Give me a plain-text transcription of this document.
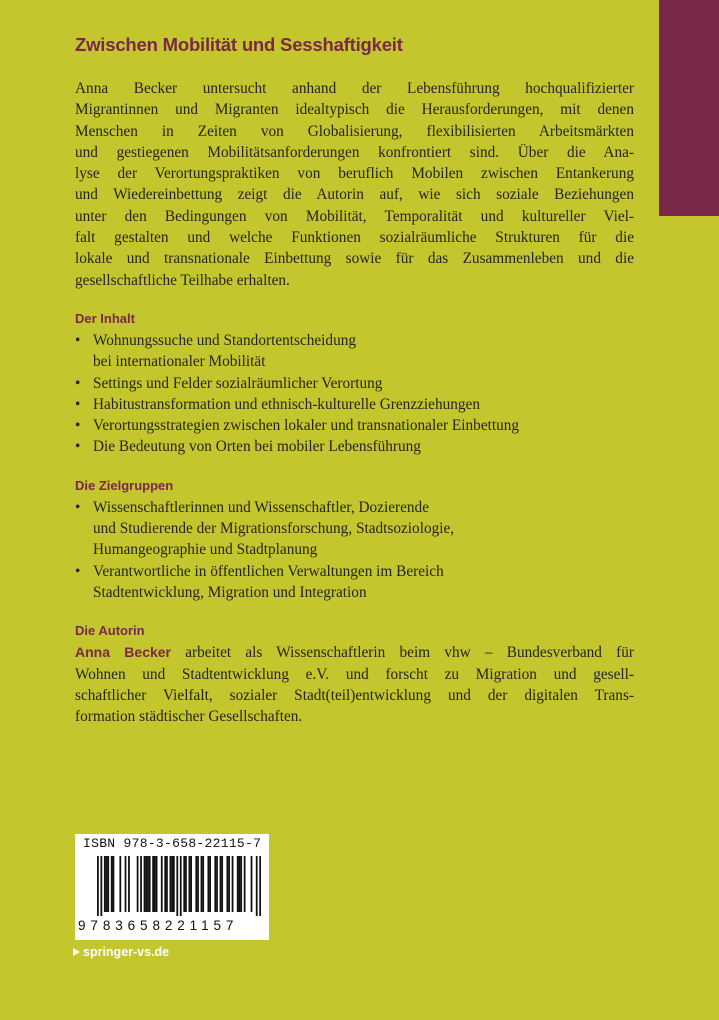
Zwischen Mobilität und Sesshaftigkeit

Anna Becker untersucht anhand der Lebensführung hochqualifizierter
Migrantinnen und Migranten idealtypisch die Herausforderungen, mit denen
Menschen in Zeiten von Globalisierung, flexibilisierten Arbeitsmärkten
und gestiegenen Mobilitätsanforderungen konfrontiert sind. Über die Ana-
lyse der Verortungspraktiken von beruflich Mobilen zwischen Entankerung
und Wiedereinbettung zeigt die Autorin auf, wie sich soziale Beziehungen
unter den Bedingungen von Mobilität, Temporalität und kultureller Viel-
falt gestalten und welche Funktionen sozialräumliche Strukturen für die
lokale und transnationale Einbettung sowie für das Zusammenleben und die
gesellschaftliche Teilhabe erhalten.

Der Inhalt
• Wohnungssuche und Standortentscheidung
bei internationaler Mobilität
• Settings und Felder sozialräumlicher Verortung
• Habitustransformation und ethnisch-kulturelle Grenzziehungen
• Verortungsstrategien zwischen lokaler und transnationaler Einbettung
• Die Bedeutung von Orten bei mobiler Lebensführung
Die Zielgruppen
• Wissenschaftlerinnen und Wissenschaftler, Dozierende
und Studierende der Migrationsforschung, Stadtsoziologie,
Humangeographie und Stadtplanung
• Verantwortliche in öffentlichen Verwaltungen im Bereich
Stadtentwicklung, Migration und Integration
Die Autorin

Anna Becker arbeitet als Wissenschaftlerin beim vhw – Bundesverband für
Wohnen und Stadtentwicklung e.V. und forscht zu Migration und gesell-
schaftlicher Vielfalt, sozialer Stadt(teil)entwicklung und der digitalen Trans-
formation städtischer Gesellschaften.

ISBN 978-3-658-22115-7
9783658221157
springer-vs.de
